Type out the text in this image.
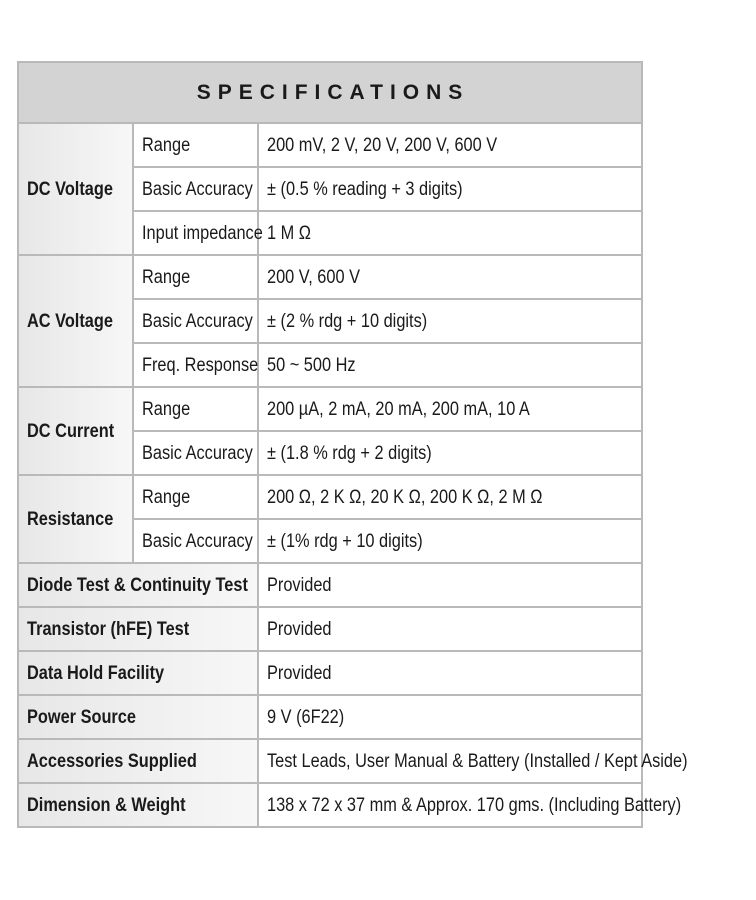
SPECIFICATIONS		
DC Voltage	Range	200 mV, 2 V, 20 V, 200 V, 600 V
	Basic Accuracy	± (0.5 % reading + 3 digits)
	Input impedance	1 M Ω
AC Voltage	Range	200 V, 600 V
	Basic Accuracy	± (2 % rdg + 10 digits)
	Freq. Response	50 ~ 500 Hz
DC Current	Range	200 µA, 2 mA, 20 mA, 200 mA, 10 A
	Basic Accuracy	± (1.8 % rdg + 2 digits)
Resistance	Range	200 Ω, 2 K Ω, 20 K Ω, 200 K Ω, 2 M Ω
	Basic Accuracy	± (1% rdg + 10 digits)
Diode Test & Continuity Test		Provided
Transistor (hFE) Test		Provided
Data Hold Facility		Provided
Power Source		9 V (6F22)
Accessories Supplied		Test Leads, User Manual & Battery (Installed / Kept Aside)
Dimension & Weight		138 x 72 x 37 mm & Approx. 170 gms. (Including Battery)
